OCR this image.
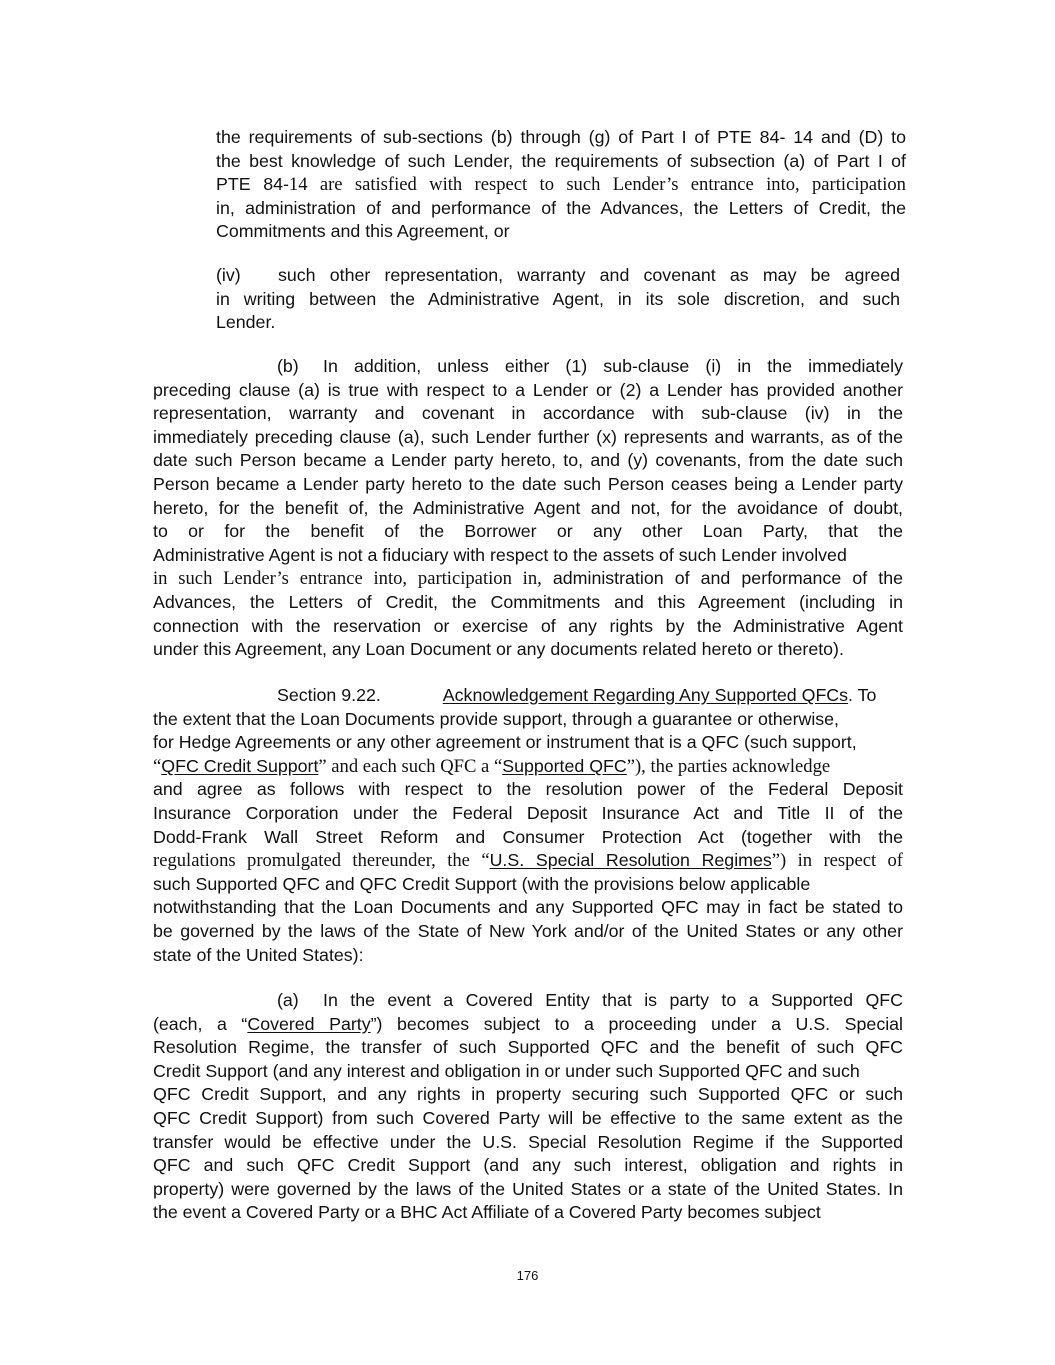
the requirements of sub-sections (b) through (g) of Part I of PTE 84- 14 and (D) to
the best knowledge of such Lender, the requirements of subsection (a) of Part I of
PTE 84-14 are satisfied with respect to such Lender’s entrance into, participation
in, administration of and performance of the Advances, the Letters of Credit, the
Commitments and this Agreement, or
(iv) such other representation, warranty and covenant as may be agreed
in writing between the Administrative Agent, in its sole discretion, and such
Lender.
(b) In addition, unless either (1) sub-clause (i) in the immediately
preceding clause (a) is true with respect to a Lender or (2) a Lender has provided another
representation, warranty and covenant in accordance with sub-clause (iv) in the
immediately preceding clause (a), such Lender further (x) represents and warrants, as of the
date such Person became a Lender party hereto, to, and (y) covenants, from the date such
Person became a Lender party hereto to the date such Person ceases being a Lender party
hereto, for the benefit of, the Administrative Agent and not, for the avoidance of doubt,
to or for the benefit of the Borrower or any other Loan Party, that the
Administrative Agent is not a fiduciary with respect to the assets of such Lender involved
in such Lender’s entrance into, participation in, administration of and performance of the
Advances, the Letters of Credit, the Commitments and this Agreement (including in
connection with the reservation or exercise of any rights by the Administrative Agent
under this Agreement, any Loan Document or any documents related hereto or thereto).
Section 9.22.	Acknowledgement Regarding Any Supported QFCs. To
the extent that the Loan Documents provide support, through a guarantee or otherwise,
for Hedge Agreements or any other agreement or instrument that is a QFC (such support,
“QFC Credit Support” and each such QFC a “Supported QFC”), the parties acknowledge
and agree as follows with respect to the resolution power of the Federal Deposit
Insurance Corporation under the Federal Deposit Insurance Act and Title II of the
Dodd-Frank Wall Street Reform and Consumer Protection Act (together with the
regulations promulgated thereunder, the “U.S. Special Resolution Regimes”) in respect of
such Supported QFC and QFC Credit Support (with the provisions below applicable
notwithstanding that the Loan Documents and any Supported QFC may in fact be stated to
be governed by the laws of the State of New York and/or of the United States or any other
state of the United States):
(a) In the event a Covered Entity that is party to a Supported QFC
(each, a “Covered Party”) becomes subject to a proceeding under a U.S. Special
Resolution Regime, the transfer of such Supported QFC and the benefit of such QFC
Credit Support (and any interest and obligation in or under such Supported QFC and such
QFC Credit Support, and any rights in property securing such Supported QFC or such
QFC Credit Support) from such Covered Party will be effective to the same extent as the
transfer would be effective under the U.S. Special Resolution Regime if the Supported
QFC and such QFC Credit Support (and any such interest, obligation and rights in
property) were governed by the laws of the United States or a state of the United States. In
the event a Covered Party or a BHC Act Affiliate of a Covered Party becomes subject
176
